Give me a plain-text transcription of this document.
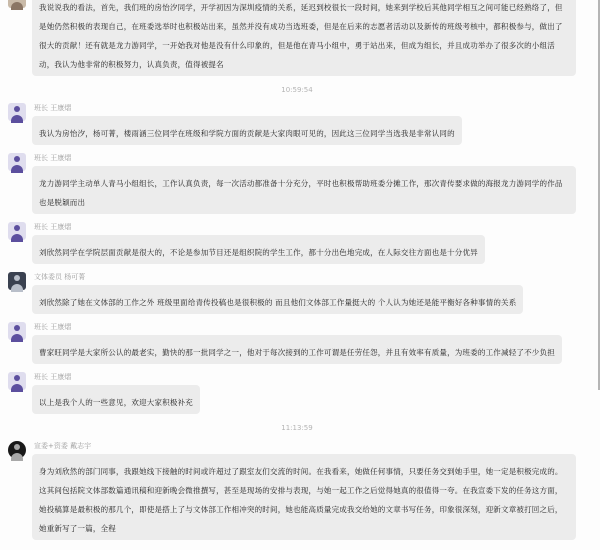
我说说我的看法，首先，我们班的房怡汐同学，开学初因为深圳疫情的关系，延迟到校很长一段时间，她来到学校后其他同学相互之间可能已经熟络了，但是她仍然积极的表现自己，在班委选举时也积极站出来，虽然并没有成功当选班委，但是在后来的志愿者活动以及新传的班级考核中，都积极参与，做出了很大的贡献！还有就是龙力游同学，一开始我对他是没有什么印象的，但是他在青马小组中，勇于站出来，但成为组长，并且成功举办了很多次的小组活动，我认为他非常的积极努力，认真负责，值得被提名
10:59:54
班长 王康熠
我认为房怡汐，杨可菁，楼雨涵三位同学在班级和学院方面的贡献是大家肉眼可见的，因此这三位同学当选我是非常认同的
班长 王康熠
龙力游同学主动单人青马小组组长，工作认真负责，每一次活动都准备十分充分，平时也积极帮助班委分摊工作，那次青传要求做的海报龙力游同学的作品也是脱颖而出
班长 王康熠
刘欣然同学在学院层面贡献是很大的，不论是参加节目还是组织院的学生工作，都十分出色地完成，在人际交往方面也是十分优异
文体委员 杨可菁
刘欣然除了她在文体部的工作之外 班级里面给青传投稿也是很积极的 而且他们文体部工作量挺大的 个人认为她还是能平衡好各种事情的关系
班长 王康熠
曹家旺同学是大家所公认的最老实，勤快的那一批同学之一，他对于每次接到的工作可谓是任劳任怨，并且有效率有质量，为班委的工作减轻了不少负担
班长 王康熠
以上是我个人的一些意见，欢迎大家积极补充
11:13:59
宣委+资委 戴志宇
身为刘欣然的部门同事，我跟她线下接触的时间或许超过了跟室友们交流的时间。在我看来，她做任何事情，只要任务交到她手里，她一定是积极完成的。这其间包括院文体部数篇通讯稿和迎新晚会微推撰写，甚至是现场的安排与表现，与她一起工作之后觉得她真的很值得一夸。在我宣委下发的任务这方面，她投稿算是最积极的那几个，即使是搭上了与文体部工作相冲突的时间，她也能高质量完成我交给她的文章书写任务，印象很深刻，迎新文章被打回之后，她重新写了一篇，全程
